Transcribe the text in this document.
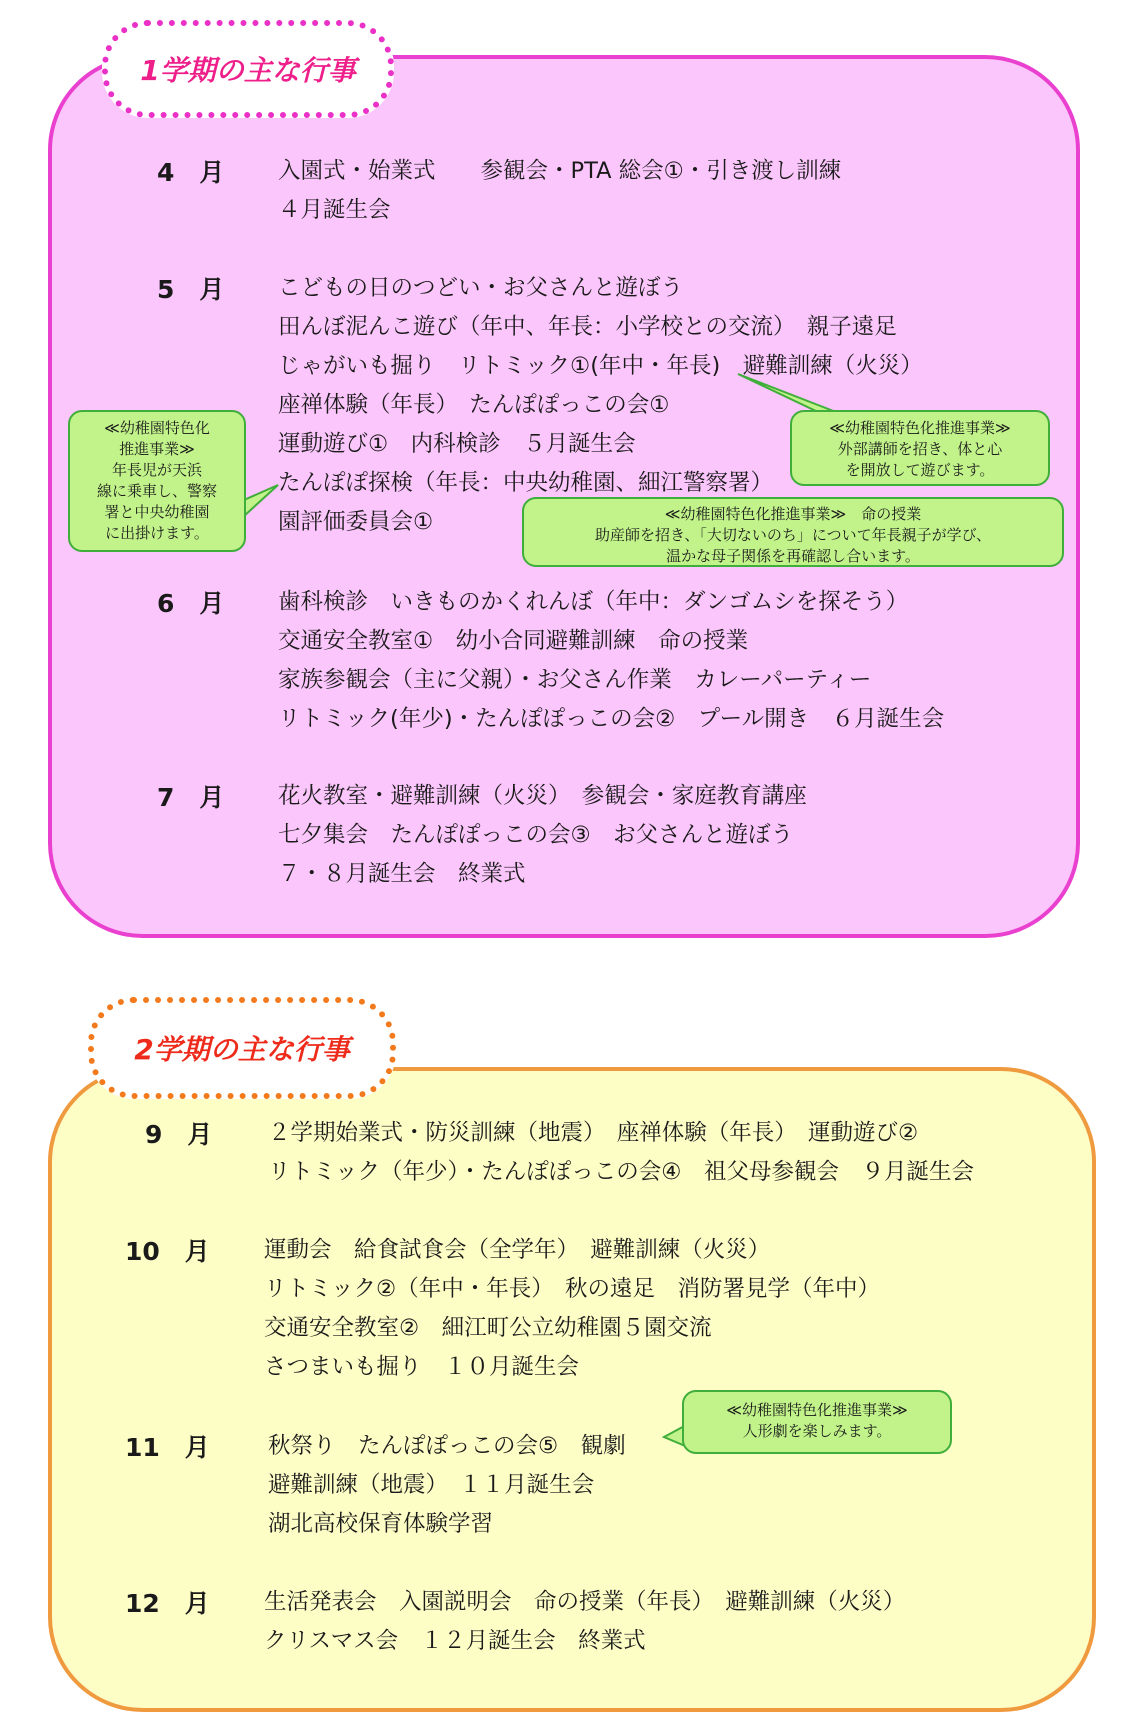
1学期の主な行事
2学期の主な行事
4　月 入園式・始業式　　参観会・PTA 総会①・引き渡し訓練
４月誕生会
5　月 こどもの日のつどい・お父さんと遊ぼう
田んぼ泥んこ遊び（年中、年長：小学校との交流）　親子遠足
じゃがいも掘り　リトミック①(年中・年長)　避難訓練（火災）
座禅体験（年長）　たんぽぽっこの会①
運動遊び①　内科検診　５月誕生会
たんぽぽ探検（年長：中央幼稚園、細江警察署）
園評価委員会①
6　月 歯科検診　いきものかくれんぼ（年中：ダンゴムシを探そう）
交通安全教室①　幼小合同避難訓練　命の授業
家族参観会（主に父親）・お父さん作業　カレーパーティー
リトミック(年少)・たんぽぽっこの会②　プール開き　６月誕生会
7　月 花火教室・避難訓練（火災）　参観会・家庭教育講座
七夕集会　たんぽぽっこの会③　お父さんと遊ぼう
７・８月誕生会　終業式
9　月 ２学期始業式・防災訓練（地震）　座禅体験（年長）　運動遊び②
リトミック（年少）・たんぽぽっこの会④　祖父母参観会　９月誕生会
10　月 運動会　給食試食会（全学年）　避難訓練（火災）
リトミック②（年中・年長）　秋の遠足　消防署見学（年中）
交通安全教室②　細江町公立幼稚園５園交流
さつまいも掘り　１０月誕生会
11　月	秋祭り　たんぽぽっこの会⑤　観劇
避難訓練（地震）　１１月誕生会
湖北高校保育体験学習
12　月 生活発表会　入園説明会　命の授業（年長）　避難訓練（火災）
クリスマス会　１２月誕生会　終業式
≪幼稚園特色化
推進事業≫
年長児が天浜
線に乗車し、警察
署と中央幼稚園
に出掛けます。
≪幼稚園特色化推進事業≫
外部講師を招き、体と心
を開放して遊びます。
≪幼稚園特色化推進事業≫　命の授業
助産師を招き、「大切ないのち」について年長親子が学び、
温かな母子関係を再確認し合います。
≪幼稚園特色化推進事業≫
人形劇を楽しみます。
